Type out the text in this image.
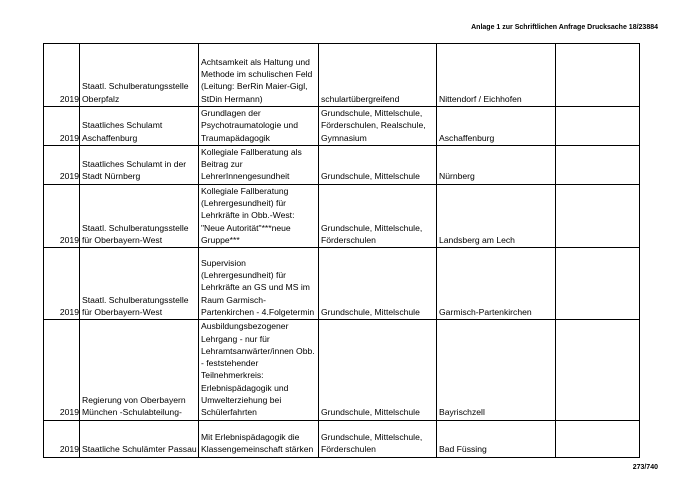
Anlage 1 zur Schriftlichen Anfrage Drucksache 18/23884
2019	Staatl. Schulberatungsstelle Oberpfalz	Achtsamkeit als Haltung und Methode im schulischen Feld (Leitung: BerRin Maier-Gigl, StDin Hermann)	schulartübergreifend	Nittendorf / Eichhofen	
2019	Staatliches Schulamt Aschaffenburg	Grundlagen der Psychotraumatologie und Traumapädagogik	Grundschule, Mittelschule, Förderschulen, Realschule, Gymnasium	Aschaffenburg	
2019	Staatliches Schulamt in der Stadt Nürnberg	Kollegiale Fallberatung als Beitrag zur LehrerInnengesundheit	Grundschule, Mittelschule	Nürnberg	
2019	Staatl. Schulberatungsstelle für Oberbayern-West	Kollegiale Fallberatung (Lehrergesundheit) für Lehrkräfte in Obb.-West: "Neue Autorität"***neue Gruppe***	Grundschule, Mittelschule, Förderschulen	Landsberg am Lech	
2019	Staatl. Schulberatungsstelle für Oberbayern-West	Supervision (Lehrergesundheit) für Lehrkräfte an GS und MS im Raum Garmisch-Partenkirchen - 4.Folgetermin	Grundschule, Mittelschule	Garmisch-Partenkirchen	
2019	Regierung von Oberbayern München -Schulabteilung-	Ausbildungsbezogener Lehrgang - nur für Lehramtsanwärter/innen Obb. - feststehender Teilnehmerkreis: Erlebnispädagogik und Umwelterziehung bei Schülerfahrten	Grundschule, Mittelschule	Bayrischzell	
2019	Staatliche Schulämter Passau	Mit Erlebnispädagogik die Klassengemeinschaft stärken	Grundschule, Mittelschule, Förderschulen	Bad Füssing	
273/740
